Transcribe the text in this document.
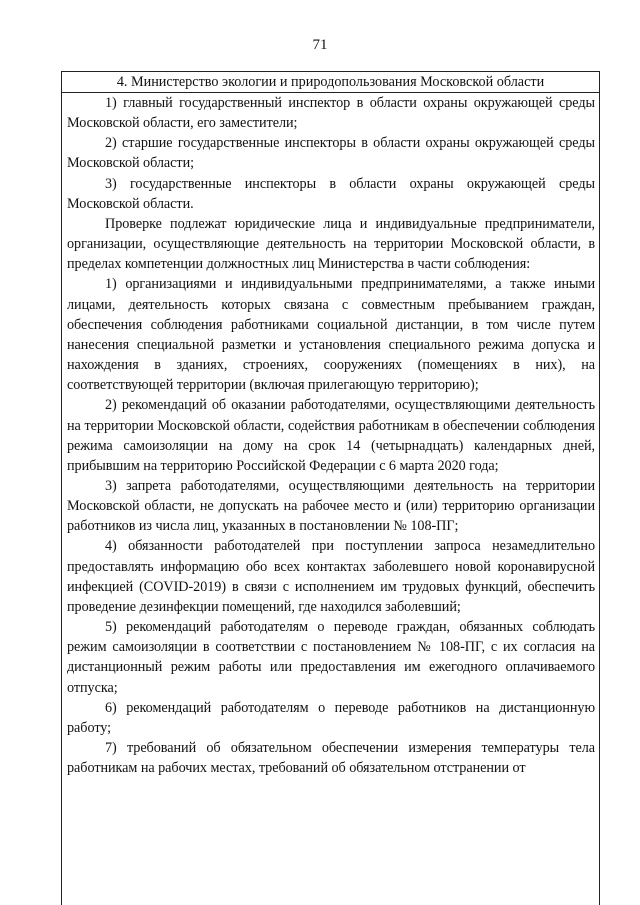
71
4. Министерство экологии и природопользования Московской области

1) главный государственный инспектор в области охраны окружающей среды Московской области, его заместители;

2) старшие государственные инспекторы в области охраны окружающей среды Московской области;

3) государственные инспекторы в области охраны окружающей среды Московской области.

Проверке подлежат юридические лица и индивидуальные предприниматели, организации, осуществляющие деятельность на территории Московской области, в пределах компетенции должностных лиц Министерства в части соблюдения:

1) организациями и индивидуальными предпринимателями, а также иными лицами, деятельность которых связана с совместным пребыванием граждан, обеспечения соблюдения работниками социальной дистанции, в том числе путем нанесения специальной разметки и установления специального режима допуска и нахождения в зданиях, строениях, сооружениях (помещениях в них), на соответствующей территории (включая прилегающую территорию);

2) рекомендаций об оказании работодателями, осуществляющими деятельность на территории Московской области, содействия работникам в обеспечении соблюдения режима самоизоляции на дому на срок 14 (четырнадцать) календарных дней, прибывшим на территорию Российской Федерации с 6 марта 2020 года;

3) запрета работодателями, осуществляющими деятельность на территории Московской области, не допускать на рабочее место и (или) территорию организации работников из числа лиц, указанных в постановлении № 108-ПГ;

4) обязанности работодателей при поступлении запроса незамедлительно предоставлять информацию обо всех контактах заболевшего новой коронавирусной инфекцией (COVID-2019) в связи с исполнением им трудовых функций, обеспечить проведение дезинфекции помещений, где находился заболевший;

5) рекомендаций работодателям о переводе граждан, обязанных соблюдать режим самоизоляции в соответствии с постановлением № 108-ПГ, с их согласия на дистанционный режим работы или предоставления им ежегодного оплачиваемого отпуска;

6) рекомендаций работодателям о переводе работников на дистанционную работу;

7) требований об обязательном обеспечении измерения температуры тела работникам на рабочих местах, требований об обязательном отстранении от
